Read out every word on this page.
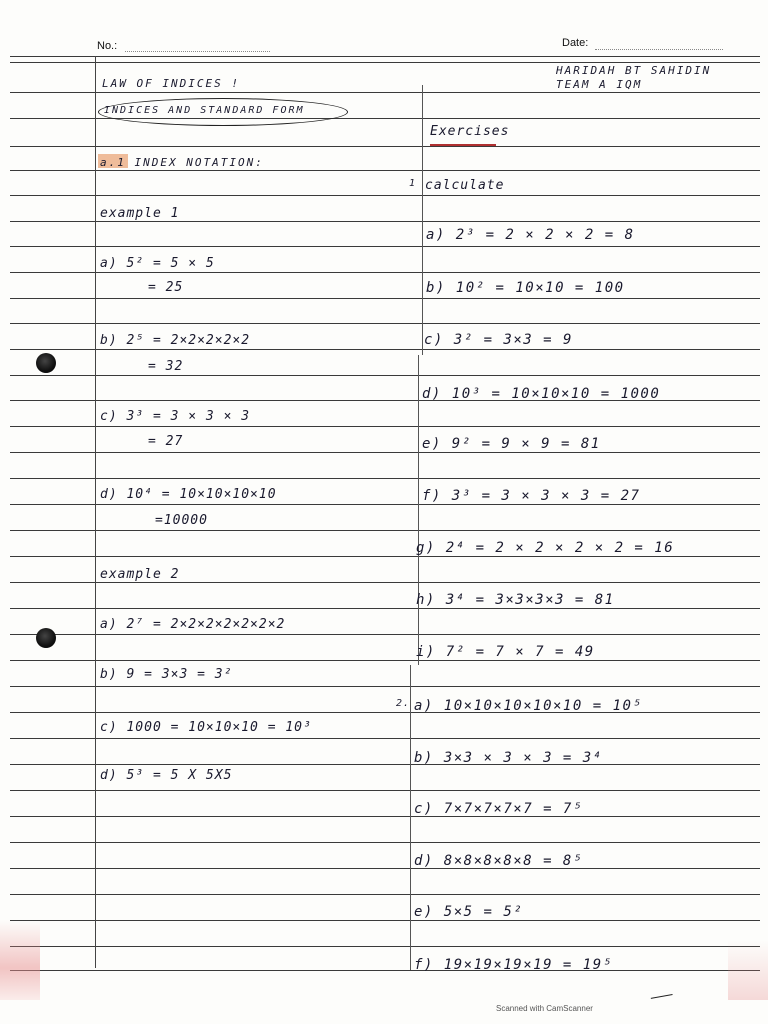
No.:	Date:
HARIDAH BT SAHIDIN
TEAM A IQM
LAW OF INDICES !
INDICES AND STANDARD FORM
a.1 INDEX NOTATION:
example 1
a) 5² = 5 × 5
= 25
b) 2⁵ = 2×2×2×2×2
= 32
c) 3³ = 3 × 3 × 3
= 27
d) 10⁴ = 10×10×10×10
=10000
example 2
a) 2⁷ = 2×2×2×2×2×2×2
b) 9 = 3×3 = 3²
c) 1000 = 10×10×10 = 10³
d) 5³ = 5 X 5X5
Exercises
1 calculate
a) 2³ = 2 × 2 × 2 = 8
b) 10² = 10×10 = 100
c) 3² = 3×3 = 9
d) 10³ = 10×10×10 = 1000
e) 9² = 9 × 9 = 81
f) 3³ = 3 × 3 × 3 = 27
g) 2⁴ = 2 × 2 × 2 × 2 = 16
h) 3⁴ = 3×3×3×3 = 81
i) 7² = 7 × 7 = 49
2. a) 10×10×10×10×10 = 10⁵
b) 3×3 × 3 × 3 = 3⁴
c) 7×7×7×7×7 = 7⁵
d) 8×8×8×8×8 = 8⁵
e) 5×5 = 5²
f) 19×19×19×19 = 19⁵
Scanned with CamScanner
